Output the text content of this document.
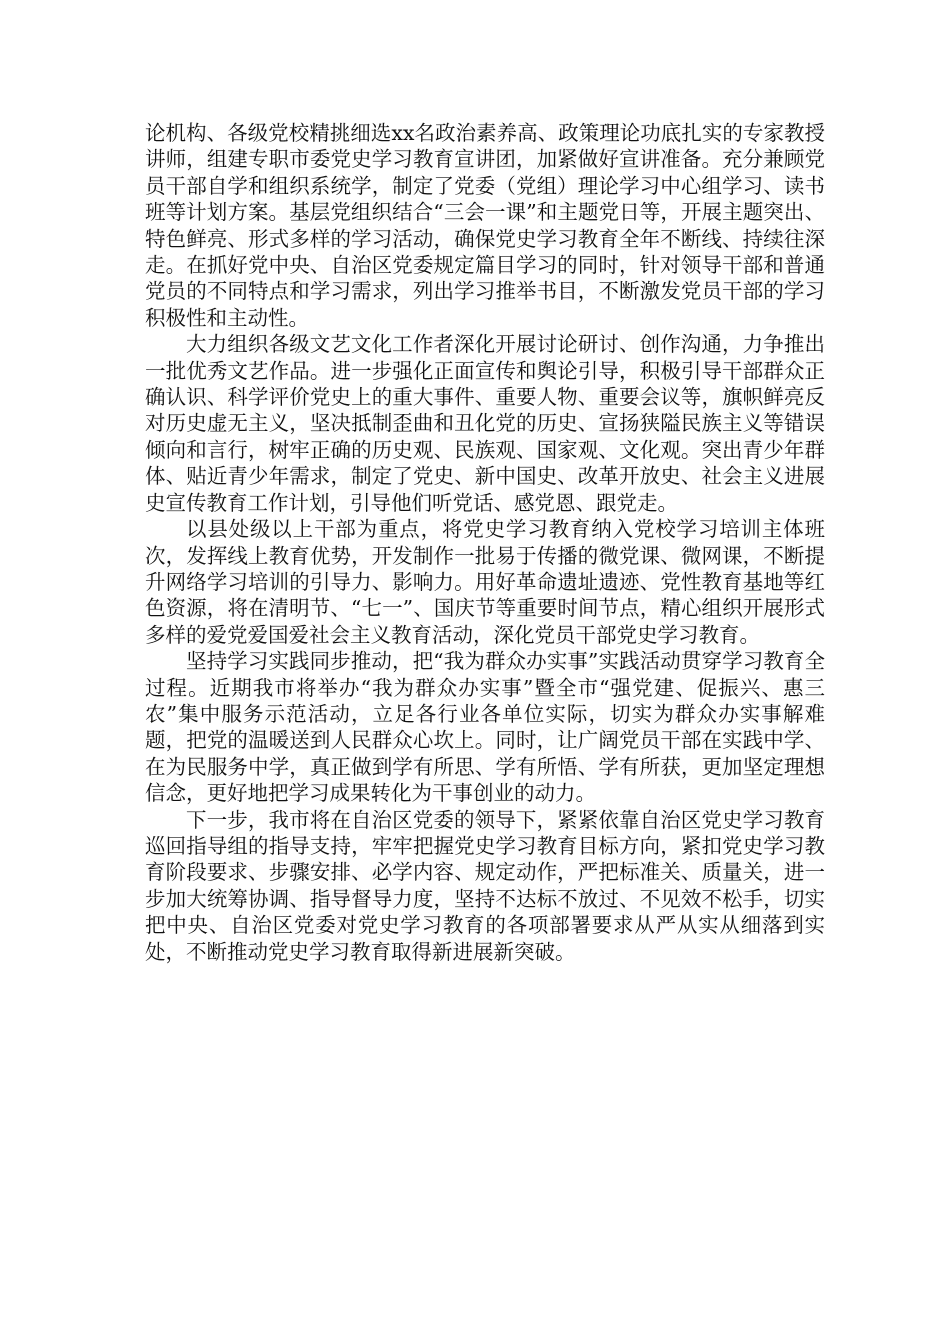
论机构、各级党校精挑细选xx名政治素养高、政策理论功底扎实的专家教授讲师，组建专职市委党史学习教育宣讲团，加紧做好宣讲准备。充分兼顾党员干部自学和组织系统学，制定了党委（党组）理论学习中心组学习、读书班等计划方案。基层党组织结合“三会一课”和主题党日等，开展主题突出、特色鲜亮、形式多样的学习活动，确保党史学习教育全年不断线、持续往深走。在抓好党中央、自治区党委规定篇目学习的同时，针对领导干部和普通党员的不同特点和学习需求，列出学习推举书目，不断激发党员干部的学习积极性和主动性。

大力组织各级文艺文化工作者深化开展讨论研讨、创作沟通，力争推出一批优秀文艺作品。进一步强化正面宣传和舆论引导，积极引导干部群众正确认识、科学评价党史上的重大事件、重要人物、重要会议等，旗帜鲜亮反对历史虚无主义，坚决抵制歪曲和丑化党的历史、宣扬狭隘民族主义等错误倾向和言行，树牢正确的历史观、民族观、国家观、文化观。突出青少年群体、贴近青少年需求，制定了党史、新中国史、改革开放史、社会主义进展史宣传教育工作计划，引导他们听党话、感党恩、跟党走。

以县处级以上干部为重点，将党史学习教育纳入党校学习培训主体班次，发挥线上教育优势，开发制作一批易于传播的微党课、微网课，不断提升网络学习培训的引导力、影响力。用好革命遗址遗迹、党性教育基地等红色资源，将在清明节、“七一”、国庆节等重要时间节点，精心组织开展形式多样的爱党爱国爱社会主义教育活动，深化党员干部党史学习教育。

坚持学习实践同步推动，把“我为群众办实事”实践活动贯穿学习教育全过程。近期我市将举办“我为群众办实事”暨全市“强党建、促振兴、惠三农”集中服务示范活动，立足各行业各单位实际，切实为群众办实事解难题，把党的温暖送到人民群众心坎上。同时，让广阔党员干部在实践中学、在为民服务中学，真正做到学有所思、学有所悟、学有所获，更加坚定理想信念，更好地把学习成果转化为干事创业的动力。

下一步，我市将在自治区党委的领导下，紧紧依靠自治区党史学习教育巡回指导组的指导支持，牢牢把握党史学习教育目标方向，紧扣党史学习教育阶段要求、步骤安排、必学内容、规定动作，严把标准关、质量关，进一步加大统筹协调、指导督导力度，坚持不达标不放过、不见效不松手，切实把中央、自治区党委对党史学习教育的各项部署要求从严从实从细落到实处，不断推动党史学习教育取得新进展新突破。
